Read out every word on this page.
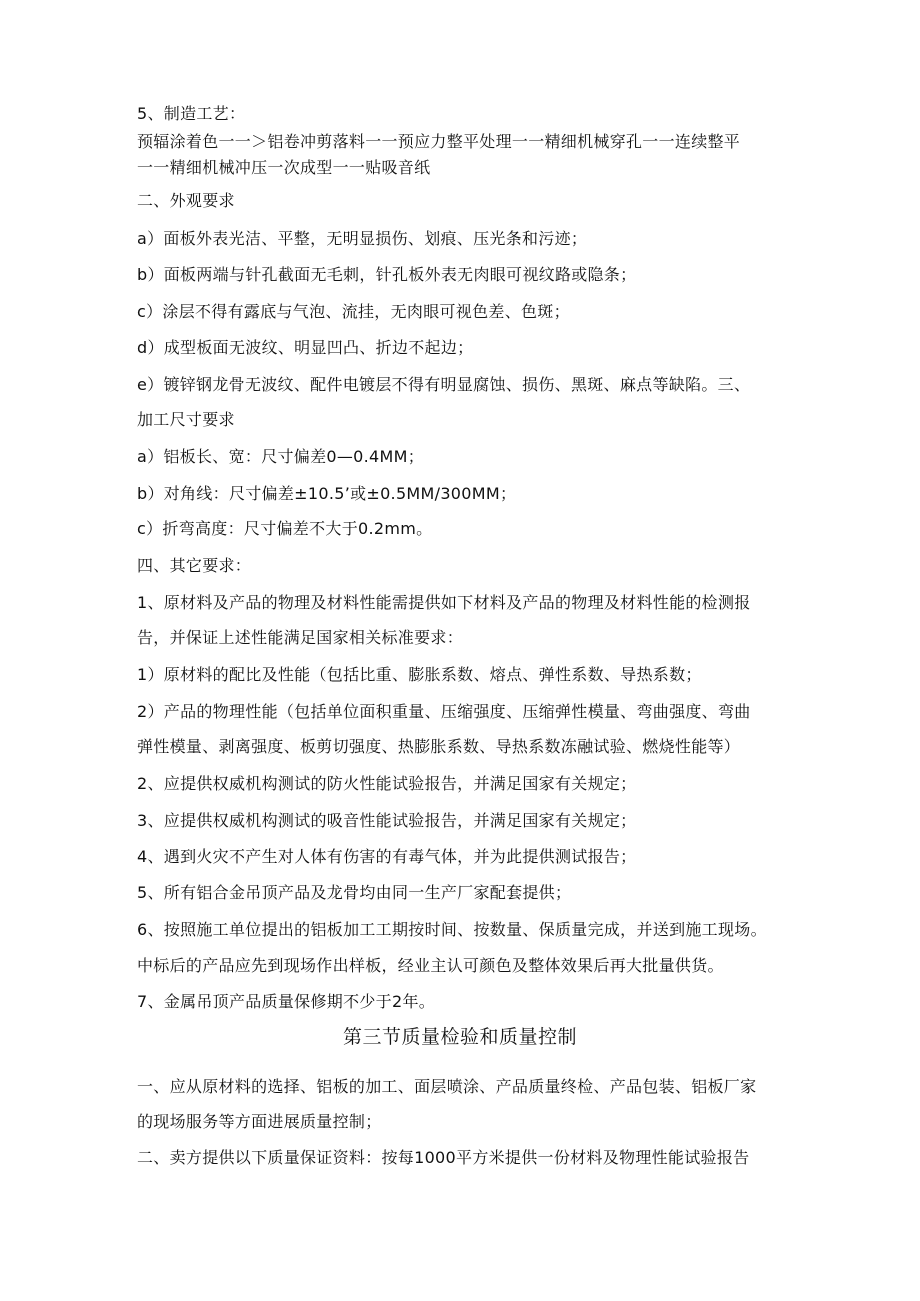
5、制造工艺：
预辐涂着色一一＞铝卷冲剪落料一一预应力整平处理一一精细机械穿孔一一连续整平
一一精细机械冲压一次成型一一贴吸音纸
二、外观要求
a）面板外表光洁、平整，无明显损伤、划痕、压光条和污迹；
b）面板两端与针孔截面无毛刺，针孔板外表无肉眼可视纹路或隐条；
c）涂层不得有露底与气泡、流挂，无肉眼可视色差、色斑；
d）成型板面无波纹、明显凹凸、折边不起边；
e）镀锌钢龙骨无波纹、配件电镀层不得有明显腐蚀、损伤、黑斑、麻点等缺陷。三、
加工尺寸要求
a）铝板长、宽：尺寸偏差0—0.4MM；
b）对角线：尺寸偏差±10.5’或±0.5MM/300MM；
c）折弯高度：尺寸偏差不大于0.2mm。
四、其它要求：
1、原材料及产品的物理及材料性能需提供如下材料及产品的物理及材料性能的检测报
告，并保证上述性能满足国家相关标准要求：
1）原材料的配比及性能（包括比重、膨胀系数、熔点、弹性系数、导热系数；
2）产品的物理性能（包括单位面积重量、压缩强度、压缩弹性模量、弯曲强度、弯曲
弹性模量、剥离强度、板剪切强度、热膨胀系数、导热系数冻融试验、燃烧性能等）
2、应提供权威机构测试的防火性能试验报告，并满足国家有关规定；
3、应提供权威机构测试的吸音性能试验报告，并满足国家有关规定；
4、遇到火灾不产生对人体有伤害的有毒气体，并为此提供测试报告；
5、所有铝合金吊顶产品及龙骨均由同一生产厂家配套提供；
6、按照施工单位提出的铝板加工工期按时间、按数量、保质量完成，并送到施工现场。
中标后的产品应先到现场作出样板，经业主认可颜色及整体效果后再大批量供货。
7、金属吊顶产品质量保修期不少于2年。
第三节质量检验和质量控制
一、应从原材料的选择、铝板的加工、面层喷涂、产品质量终检、产品包装、铝板厂家
的现场服务等方面进展质量控制；
二、卖方提供以下质量保证资料：按每1000平方米提供一份材料及物理性能试验报告
